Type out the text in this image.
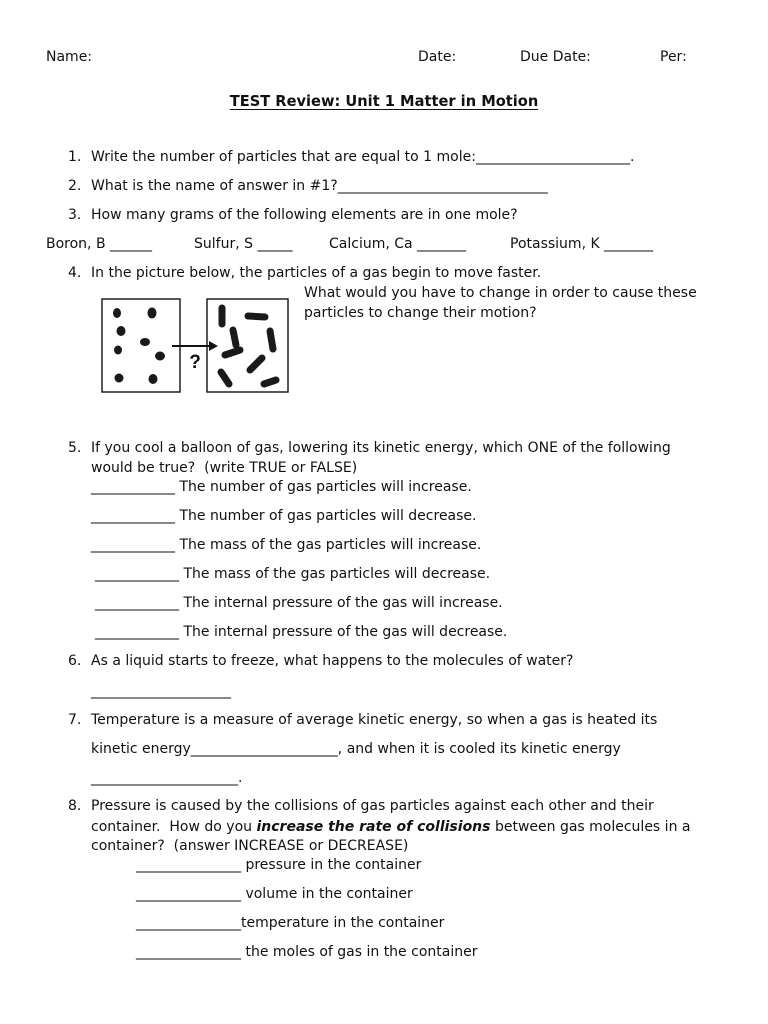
Name:	Date:	Due Date:	Per:
TEST Review: Unit 1 Matter in Motion
1. Write the number of particles that are equal to 1 mole:______________________.
2. What is the name of answer in #1?______________________________
3. How many grams of the following elements are in one mole?
Boron, B ______	Sulfur, S _____	Calcium, Ca _______	Potassium, K _______
4. In the picture below, the particles of a gas begin to move faster.
What would you have to change in order to cause these
particles to change their motion?
?
5. If you cool a balloon of gas, lowering its kinetic energy, which ONE of the following
would be true?  (write TRUE or FALSE)
____________ The number of gas particles will increase.
____________ The number of gas particles will decrease.
____________ The mass of the gas particles will increase.
____________ The mass of the gas particles will decrease.
____________ The internal pressure of the gas will increase.
____________ The internal pressure of the gas will decrease.
6. As a liquid starts to freeze, what happens to the molecules of water?
____________________
7. Temperature is a measure of average kinetic energy, so when a gas is heated its
kinetic energy_____________________, and when it is cooled its kinetic energy
_____________________.
8. Pressure is caused by the collisions of gas particles against each other and their
container.  How do you increase the rate of collisions between gas molecules in a
container?  (answer INCREASE or DECREASE)
_______________ pressure in the container
_______________ volume in the container
_______________temperature in the container
_______________ the moles of gas in the container
